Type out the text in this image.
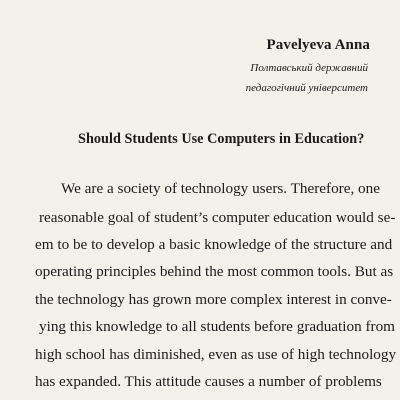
Pavelyeva Anna
Полтавський державний
педагогічний університет
Should Students Use Computers in Education?
We are a society of technology users. Therefore, one
reasonable goal of student’s computer education would se-
em to be to develop a basic knowledge of the structure and
operating principles behind the most common tools. But as
the technology has grown more complex interest in conve-
ying this knowledge to all students before graduation from
high school has diminished, even as use of high technology
has expanded. This attitude causes a number of problems
